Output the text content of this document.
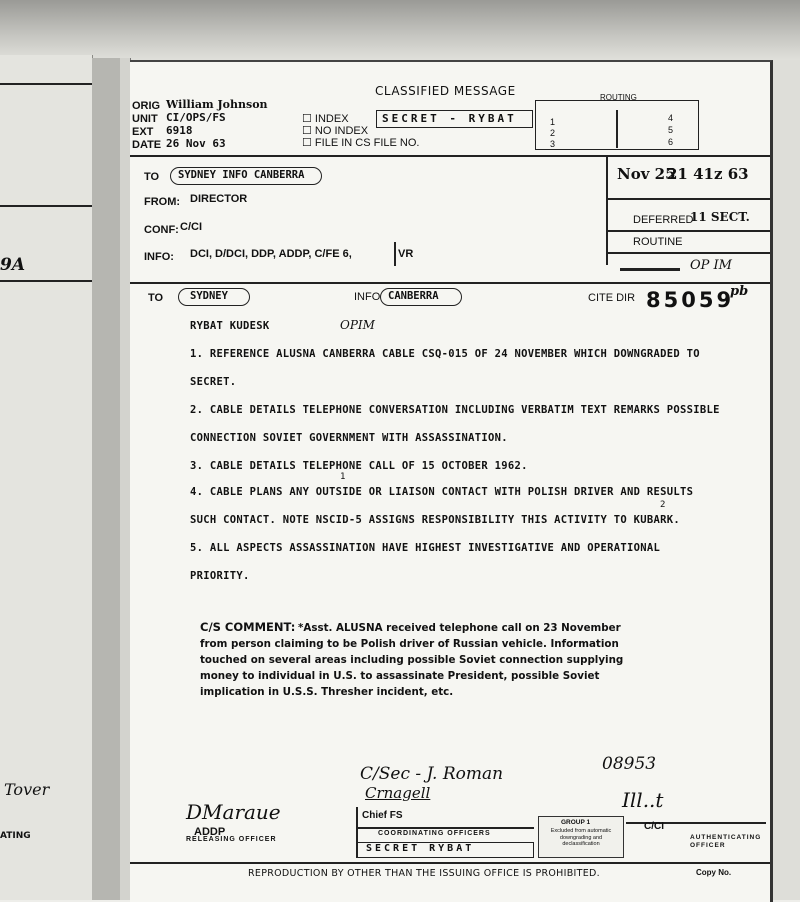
9A
Tover
ATING
CLASSIFIED MESSAGE
SECRET - RYBAT
ROUTING
1
2
3
4
5
6
ORIG William Johnson
UNIT CI/OPS/FS
EXT 6918
DATE 26 Nov 63
☐ INDEX
☐ NO INDEX
☐ FILE IN CS FILE NO.
Nov 25
21 41z 63
TO SYDNEY INFO CANBERRA
FROM: DIRECTOR
CONF: C/CI
INFO: DCI, D/DCI, DDP, ADDP, C/FE 6,	VR
DEFERRED
11 SECT.
ROUTINE
OP IM
TO	SYDNEY	INFO CANBERRA	CITE DIR 85059
pb
RYBAT KUDESK	OPIM
1. REFERENCE ALUSNA CANBERRA CABLE CSQ-015 OF 24 NOVEMBER WHICH DOWNGRADED TO
SECRET.
2. CABLE DETAILS TELEPHONE CONVERSATION INCLUDING VERBATIM TEXT REMARKS POSSIBLE
CONNECTION SOVIET GOVERNMENT WITH ASSASSINATION.
3. CABLE DETAILS TELEPHONE CALL OF 15 OCTOBER 1962.
1
4. CABLE PLANS ANY OUTSIDE OR LIAISON CONTACT WITH POLISH DRIVER AND RESULTS
2
SUCH CONTACT. NOTE NSCID-5 ASSIGNS RESPONSIBILITY THIS ACTIVITY TO KUBARK.
5. ALL ASPECTS ASSASSINATION HAVE HIGHEST INVESTIGATIVE AND OPERATIONAL
PRIORITY.
C/S COMMENT: *Asst. ALUSNA received telephone call on 23 November
from person claiming to be Polish driver of Russian vehicle. Information
touched on several areas including possible Soviet connection supplying
money to individual in U.S. to assassinate President, possible Soviet
implication in U.S.S. Thresher incident, etc.
C/Sec - J. Roman
Crnagell
08953
Ill..t
DMaraue
ADDP
RELEASING OFFICER
Chief FS
COORDINATING OFFICERS
SECRET RYBAT
GROUP 1
Excluded from automatic downgrading and declassification
C/CI
AUTHENTICATING OFFICER
REPRODUCTION BY OTHER THAN THE ISSUING OFFICE IS PROHIBITED.	Copy No.
